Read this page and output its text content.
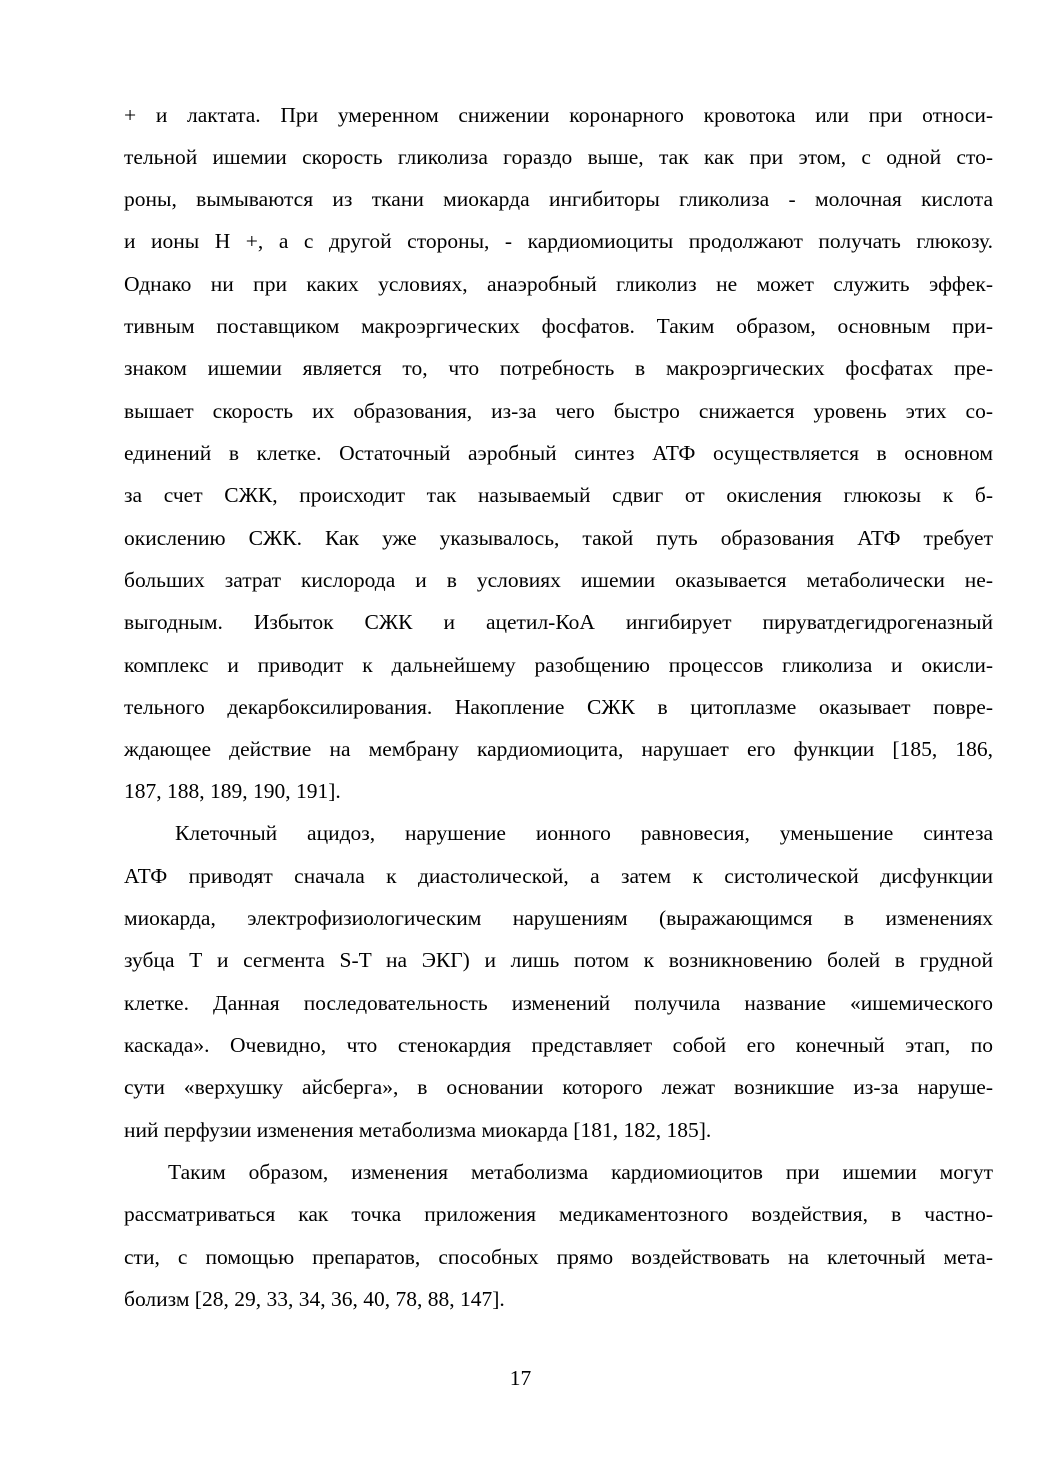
+ и лактата. При умеренном снижении коронарного кровотока или при относи-
тельной ишемии скорость гликолиза гораздо выше, так как при этом, с одной сто-
роны, вымываются из ткани миокарда ингибиторы гликолиза - молочная кислота
и ионы Н +, а с другой стороны, - кардиомиоциты продолжают получать глюкозу.
Однако ни при каких условиях, анаэробный гликолиз не может служить эффек-
тивным поставщиком макроэргических фосфатов. Таким образом, основным при-
знаком ишемии является то, что потребность в макроэргических фосфатах пре-
вышает скорость их образования, из-за чего быстро снижается уровень этих со-
единений в клетке. Остаточный аэробный синтез АТФ осуществляется в основном
за счет СЖК, происходит так называемый сдвиг от окисления глюкозы к б-
окислению СЖК. Как уже указывалось, такой путь образования АТФ требует
больших затрат кислорода и в условиях ишемии оказывается метаболически не-
выгодным. Избыток СЖК и ацетил-КоА ингибирует пируватдегидрогеназный
комплекс и приводит к дальнейшему разобщению процессов гликолиза и окисли-
тельного декарбоксилирования. Накопление СЖК в цитоплазме оказывает повре-
ждающее действие на мембрану кардиомиоцита, нарушает его функции [185, 186,
187, 188, 189, 190, 191].
Клеточный ацидоз, нарушение ионного равновесия, уменьшение синтеза
АТФ приводят сначала к диастолической, а затем к систолической дисфункции
миокарда, электрофизиологическим нарушениям (выражающимся в изменениях
зубца Т и сегмента S-T на ЭКГ) и лишь потом к возникновению болей в грудной
клетке. Данная последовательность изменений получила название «ишемического
каскада». Очевидно, что стенокардия представляет собой его конечный этап, по
сути «верхушку айсберга», в основании которого лежат возникшие из-за наруше-
ний перфузии изменения метаболизма миокарда [181, 182, 185].
Таким образом, изменения метаболизма кардиомиоцитов при ишемии могут
рассматриваться как точка приложения медикаментозного воздействия, в частно-
сти, с помощью препаратов, способных прямо воздействовать на клеточный мета-
болизм [28, 29, 33, 34, 36, 40, 78, 88, 147].
17
